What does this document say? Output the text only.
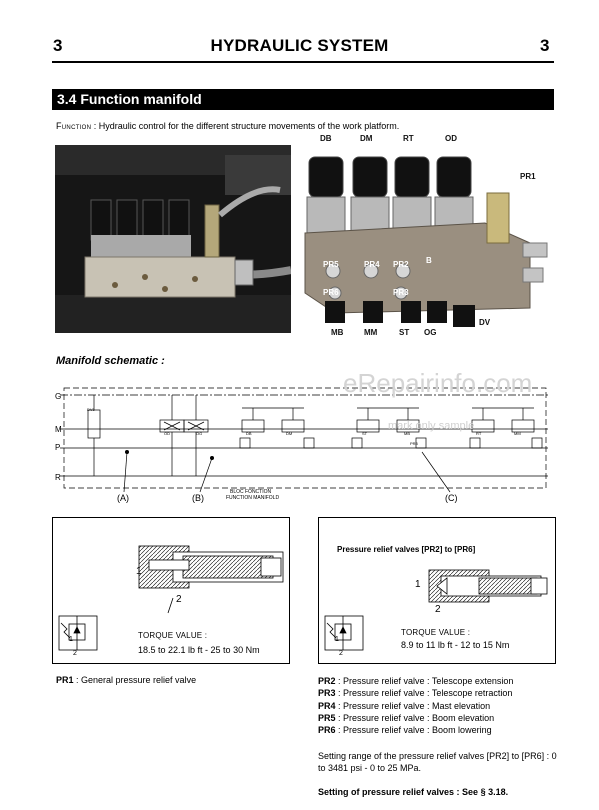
3	HYDRAULIC SYSTEM	3
3.4 Function manifold
Function : Hydraulic control for the different structure movements of the work platform.
DB	DM	RT	OD
PR1
PR5	PR4 PR2 B
PR6	PR3
MB	MM	ST OG
DV
Manifold schematic :
G
M
P
R
(A)	(B)	(C)
BLOC FONCTION
FUNCTION MANIFOLD
DV1
OD	OG	DB	DM
PR3
ST	MB	RT	MM
eRepairinfo.com
mark only sample
1
2
TORQUE VALUE :
18.5 to 22.1 lb ft - 25 to 30 Nm
1
2
Pressure relief valves [PR2] to [PR6]
1
2
TORQUE VALUE :
8.9 to 11 lb ft - 12 to 15 Nm
1
2
PR1 : General pressure relief valve	PR2 : Pressure relief valve : Telescope extension
PR3 : Pressure relief valve : Telescope retraction
PR4 : Pressure relief valve : Mast elevation
PR5 : Pressure relief valve : Boom elevation
PR6 : Pressure relief valve : Boom lowering
Setting range of the pressure relief valves [PR2] to [PR6] : 0 to 3481 psi - 0 to 25 MPa.
Setting of pressure relief valves : See § 3.18.
